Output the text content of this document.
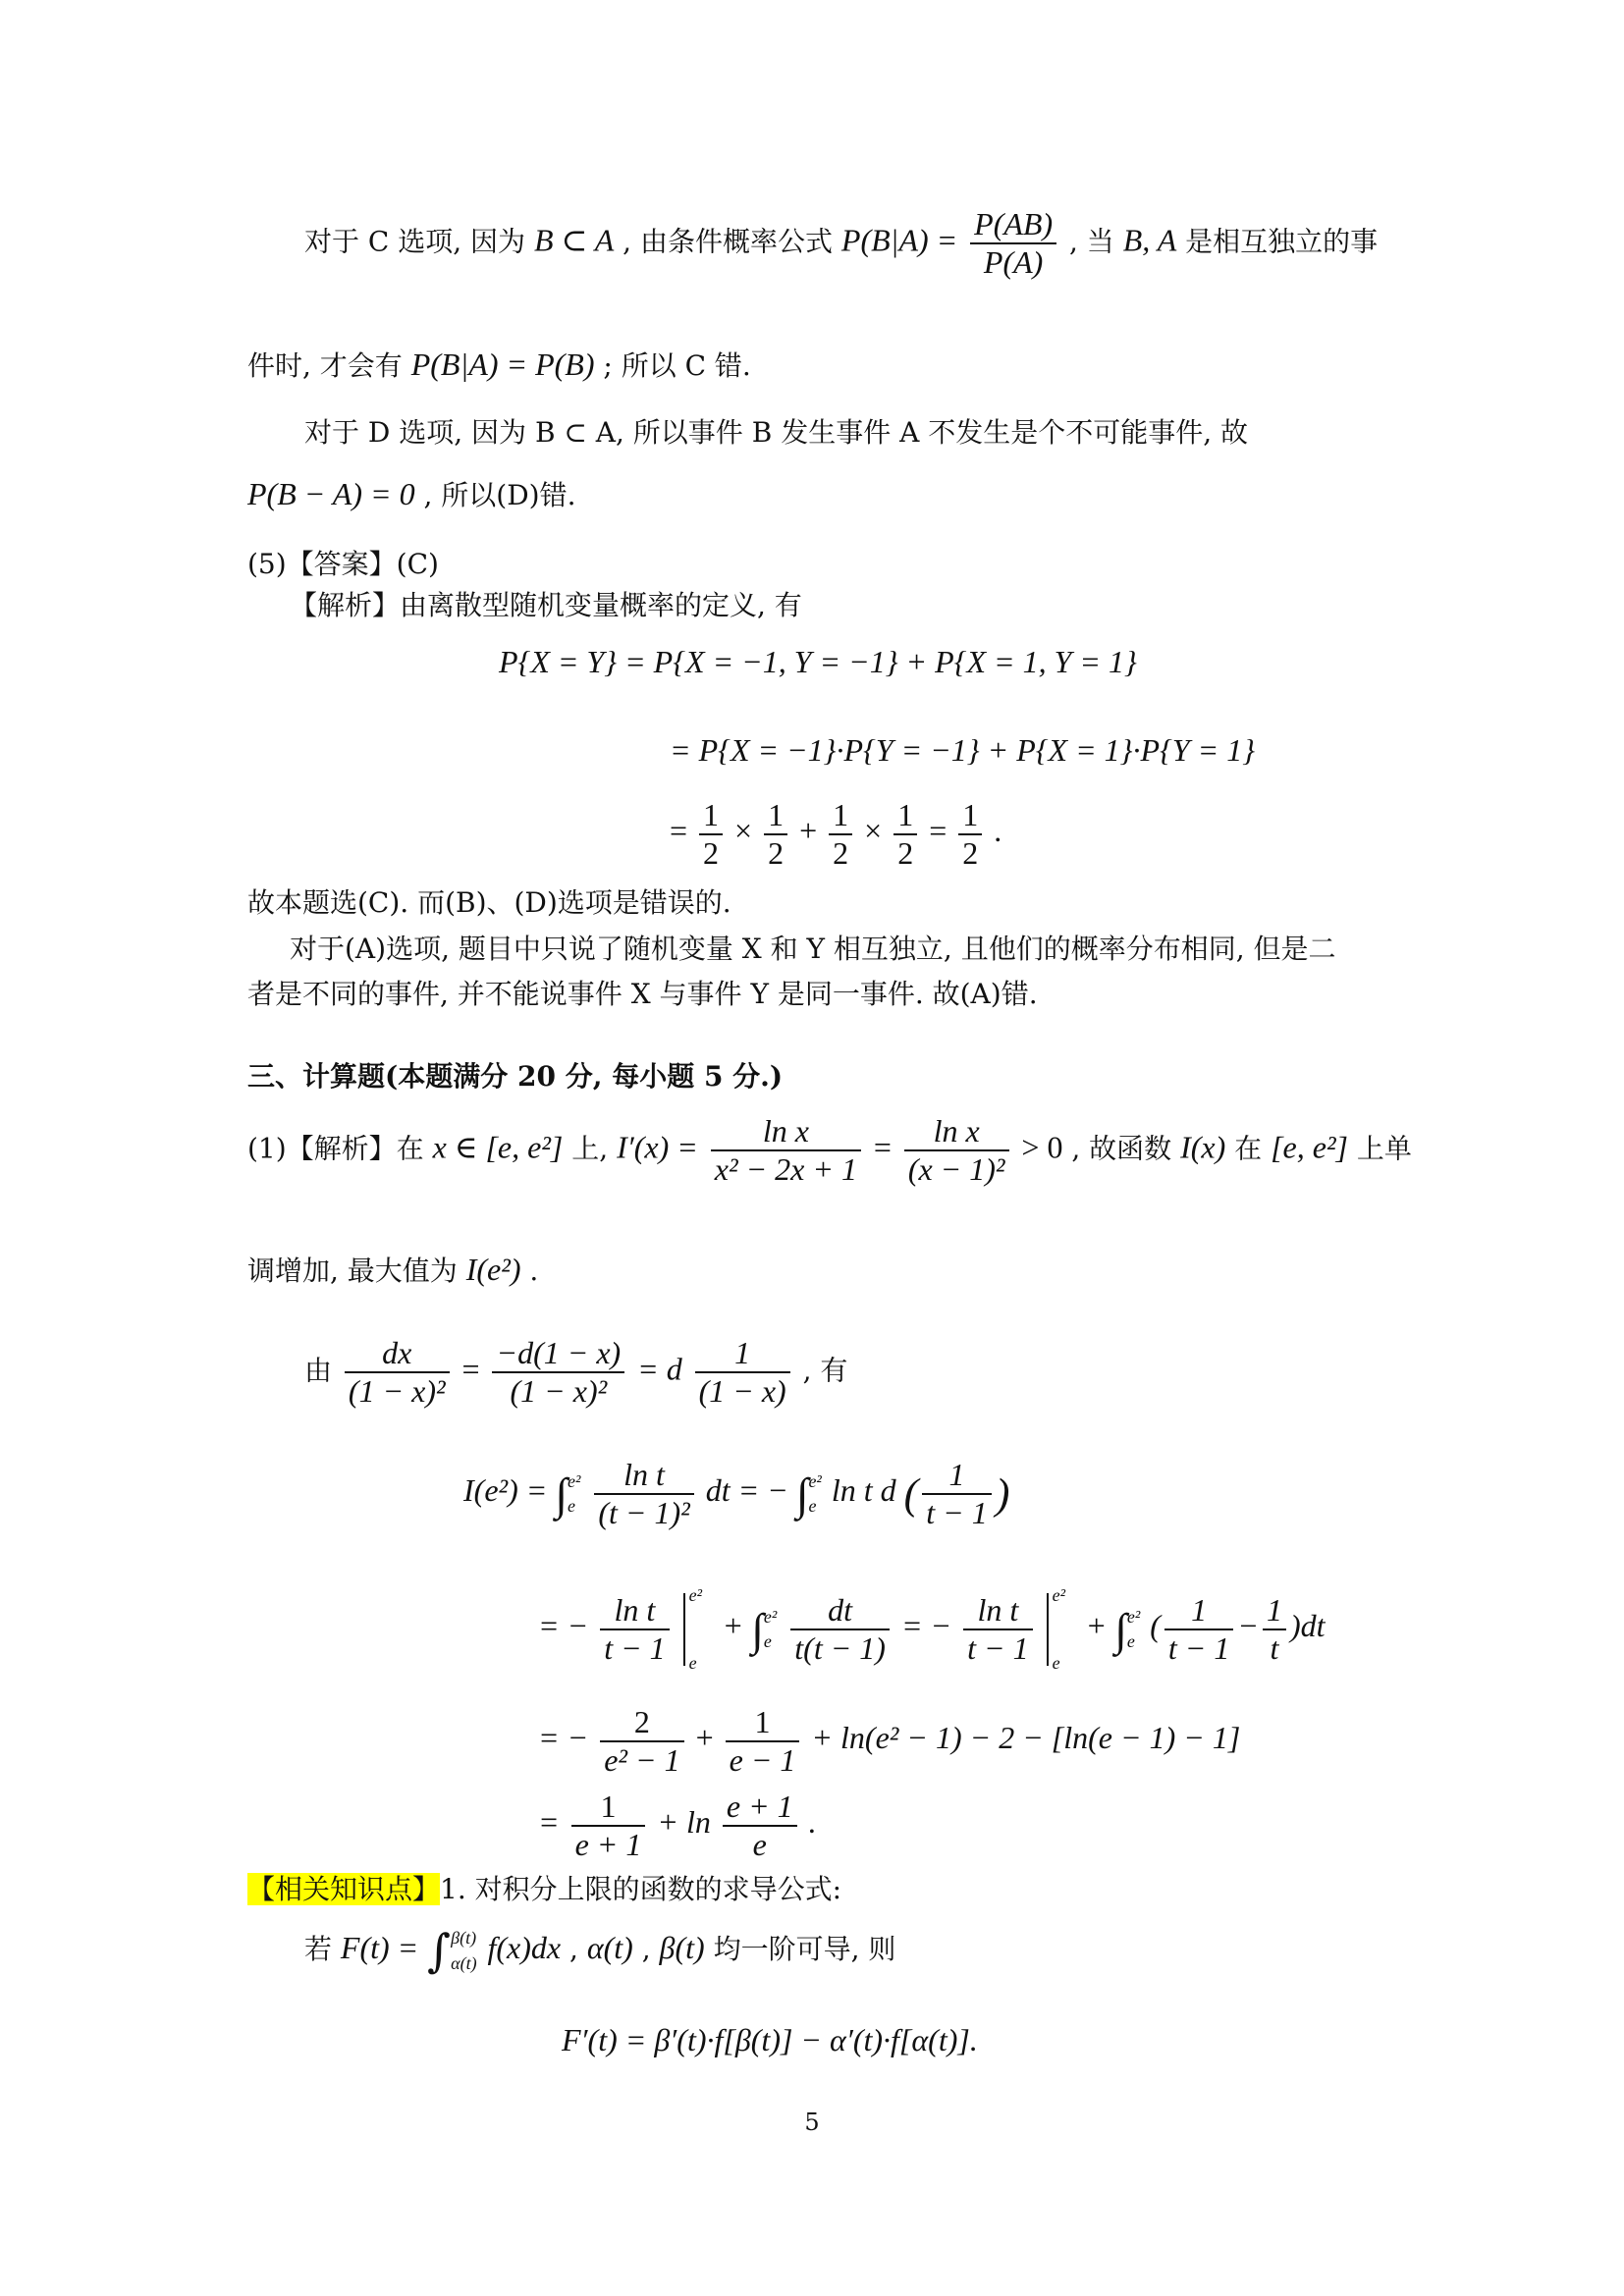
对于 C 选项, 因为 B ⊂ A , 由条件概率公式 $P(B|A) = \frac{P(AB)}{P(A)}$ , 当 B, A 是相互独立的事
件时, 才会有 P(B|A) = P(B) ; 所以 C 错.
对于 D 选项, 因为 B ⊂ A, 所以事件 B 发生事件 A 不发生是个不可能事件, 故
P(B − A) = 0 , 所以(D)错.
(5)【答案】(C)
【解析】由离散型随机变量概率的定义, 有
P{X = Y} = P{X = −1, Y = −1} + P{X = 1, Y = 1}
= P{X = −1}·P{Y = −1} + P{X = 1}·P{Y = 1}
= $\frac{1}{2} \times \frac{1}{2} + \frac{1}{2} \times \frac{1}{2} = \frac{1}{2}$ .
故本题选(C). 而(B)、(D)选项是错误的.
对于(A)选项, 题目中只说了随机变量 X 和 Y 相互独立, 且他们的概率分布相同, 但是二
者是不同的事件, 并不能说事件 X 与事件 Y 是同一事件. 故(A)错.
三、计算题(本题满分 20 分, 每小题 5 分.)
(1)【解析】在 x ∈ [e, e²] 上, $I'(x) = \frac{\text{ln x}}{\text{x² − 2x + 1}} = \frac{\text{ln x}}{\text{(x − 1)²}} > 0$ , 故函数 I(x) 在 [e, e²] 上单
调增加, 最大值为 I(e²) .
由 $\frac{dx}{\text{(1 − x)²}} = \frac{-d(1 - x)}{\text{(1 − x)²}} = d \frac{1}{(1 - x)}$ , 有
I(e²) = ∫e²
e $\frac{\text{ln t}}{\text{(t − 1)²}}$ dt = − ∫e²
e ln t d ( $\frac{1}{t - 1}$ )
= − $\frac{\text{ln t}}{t - 1}$
e²
e
+ ∫e²
e $\frac{dt}{t(t - 1)}$ = − $\frac{\text{ln t}}{t - 1}$
e²
e
+ ∫e²
e ( $\frac{1}{t - 1} - \frac{1}{t} )dt$
= − $\frac{2}{\text{e² − 1}} + \frac{1}{e - 1} + \ln(e^2 - 1) - 2 - [\ln(e - 1) - 1]$
= $\frac{1}{e + 1} + \ln \frac{e + 1}{e}$ .
【相关知识点】1. 对积分上限的函数的求导公式:
若 F(t) = ∫β(t)
α(t) f(x)dx , α(t) , β(t) 均一阶可导, 则
F′(t) = β′(t)·f[β(t)] − α′(t)·f[α(t)].
5
